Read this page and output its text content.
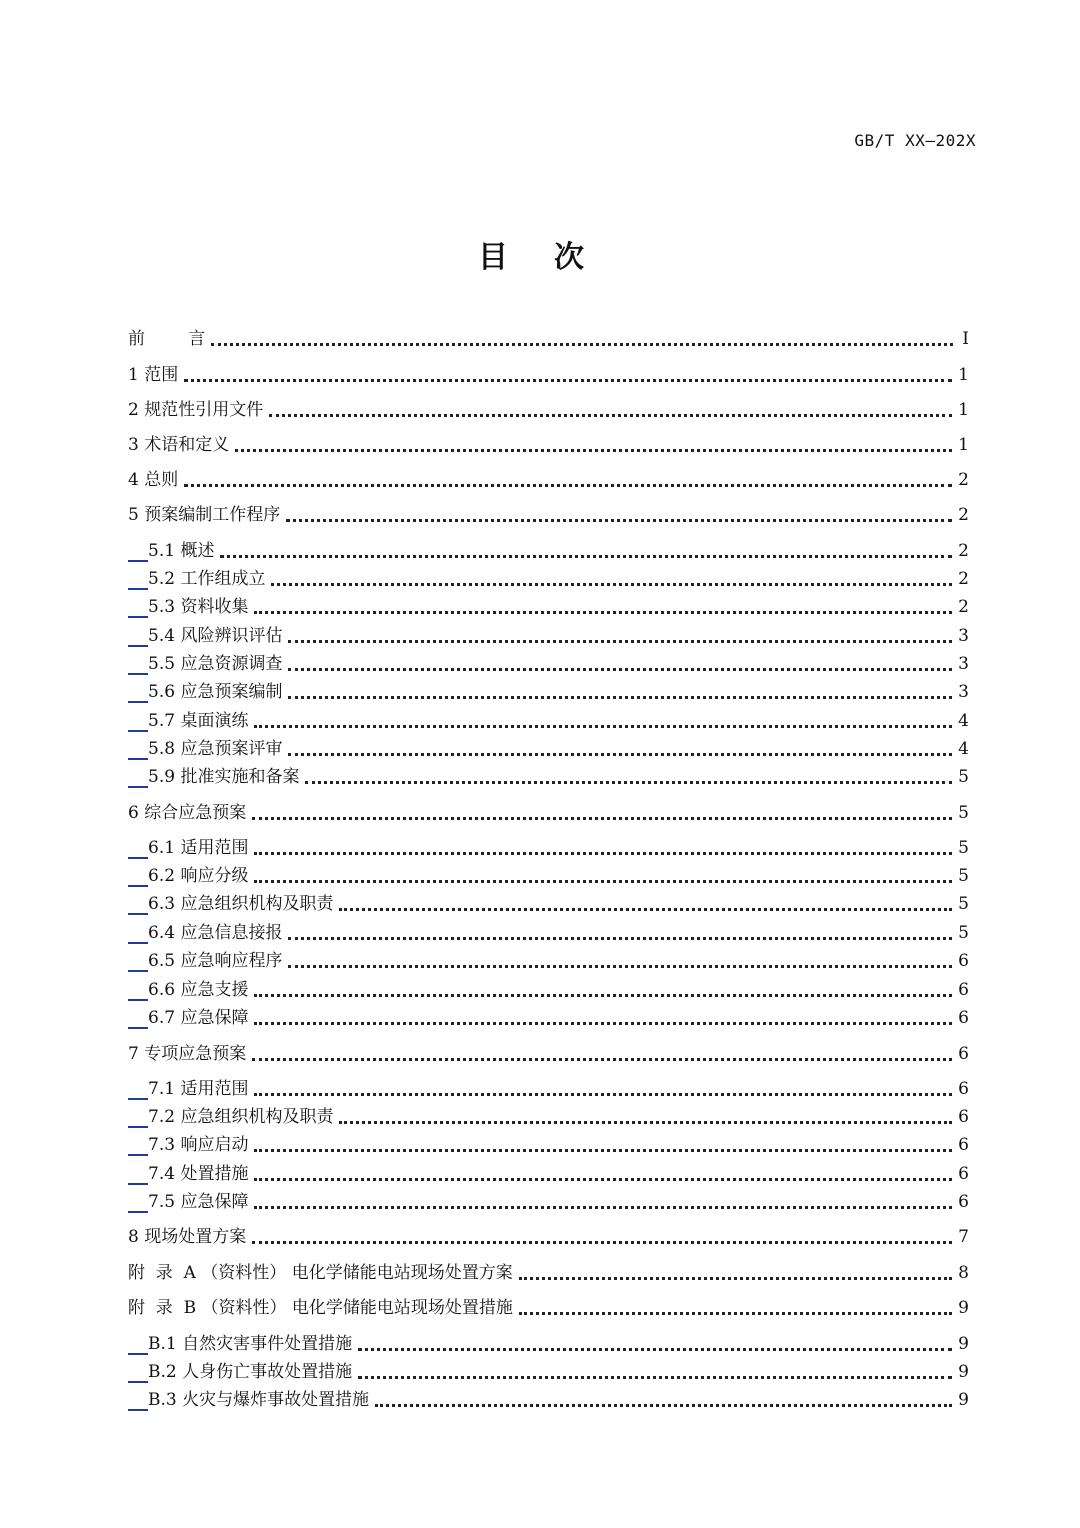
GB/T XX—202X
目次
前        言	I
1 范围	1
2 规范性引用文件	1
3 术语和定义	1
4 总则	2
5 预案编制工作程序	2
5.1 概述	2
5.2 工作组成立	2
5.3 资料收集	2
5.4 风险辨识评估	3
5.5 应急资源调查	3
5.6 应急预案编制	3
5.7 桌面演练	4
5.8 应急预案评审	4
5.9 批准实施和备案	5
6 综合应急预案	5
6.1 适用范围	5
6.2 响应分级	5
6.3 应急组织机构及职责	5
6.4 应急信息接报	5
6.5 应急响应程序	6
6.6 应急支援	6
6.7 应急保障	6
7 专项应急预案	6
7.1 适用范围	6
7.2 应急组织机构及职责	6
7.3 响应启动	6
7.4 处置措施	6
7.5 应急保障	6
8 现场处置方案	7
附  录  A （资料性） 电化学储能电站现场处置方案	8
附  录  B （资料性） 电化学储能电站现场处置措施	9
B.1 自然灾害事件处置措施	9
B.2 人身伤亡事故处置措施	9
B.3 火灾与爆炸事故处置措施	9
